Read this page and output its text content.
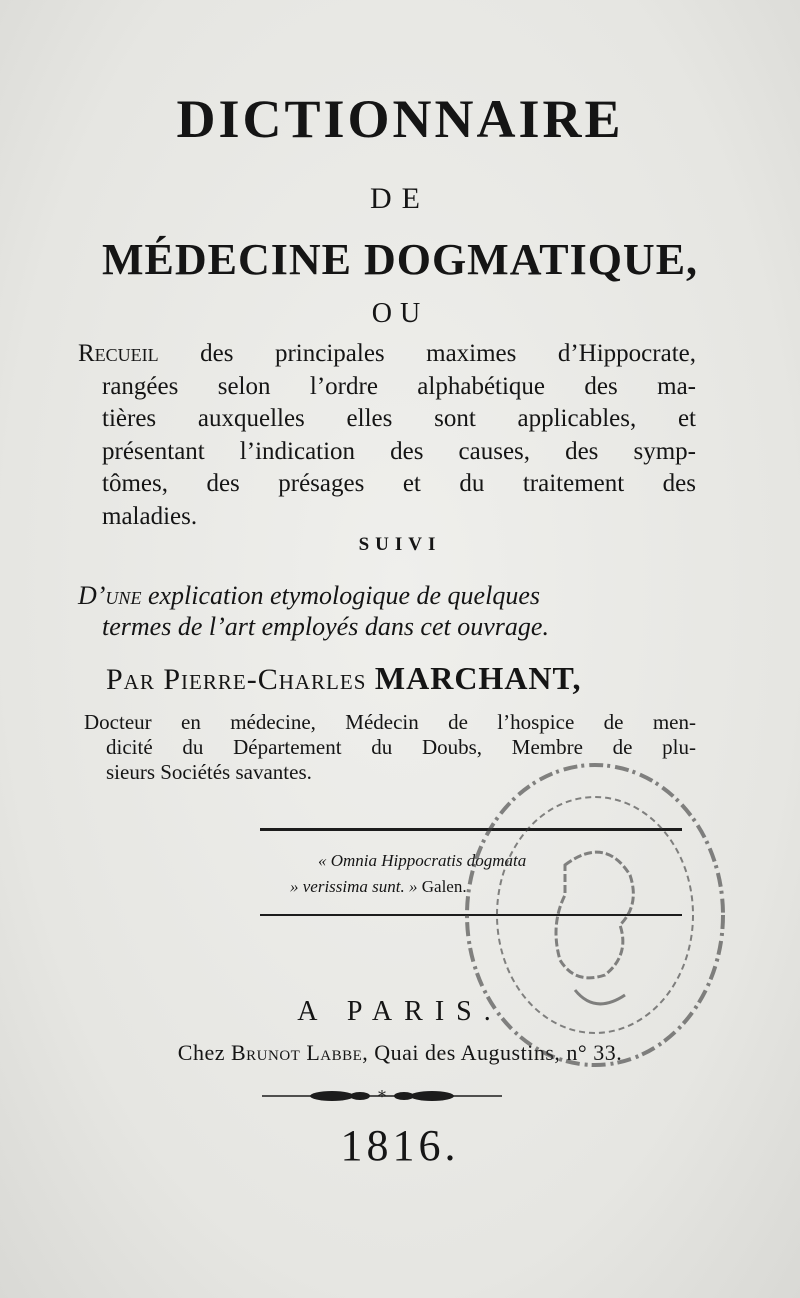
DICTIONNAIRE
DE
MÉDECINE DOGMATIQUE,
OU
Recueil des principales maximes d’Hippocrate,
rangées selon l’ordre alphabétique des ma-
tières auxquelles elles sont applicables, et
présentant l’indication des causes, des symp-
tômes, des présages et du traitement des
maladies.
SUIVI
D’une explication etymologique de quelques
termes de l’art employés dans cet ouvrage.
Par Pierre-Charles MARCHANT,
Docteur en médecine, Médecin de l’hospice de men-
dicité du Département du Doubs, Membre de plu-
sieurs Sociétés savantes.
« Omnia Hippocratis dogmata
» verissima sunt. » Galen.
A PARIS.
Chez Brunot Labbe, Quai des Augustins, n° 33.
*
1816.
